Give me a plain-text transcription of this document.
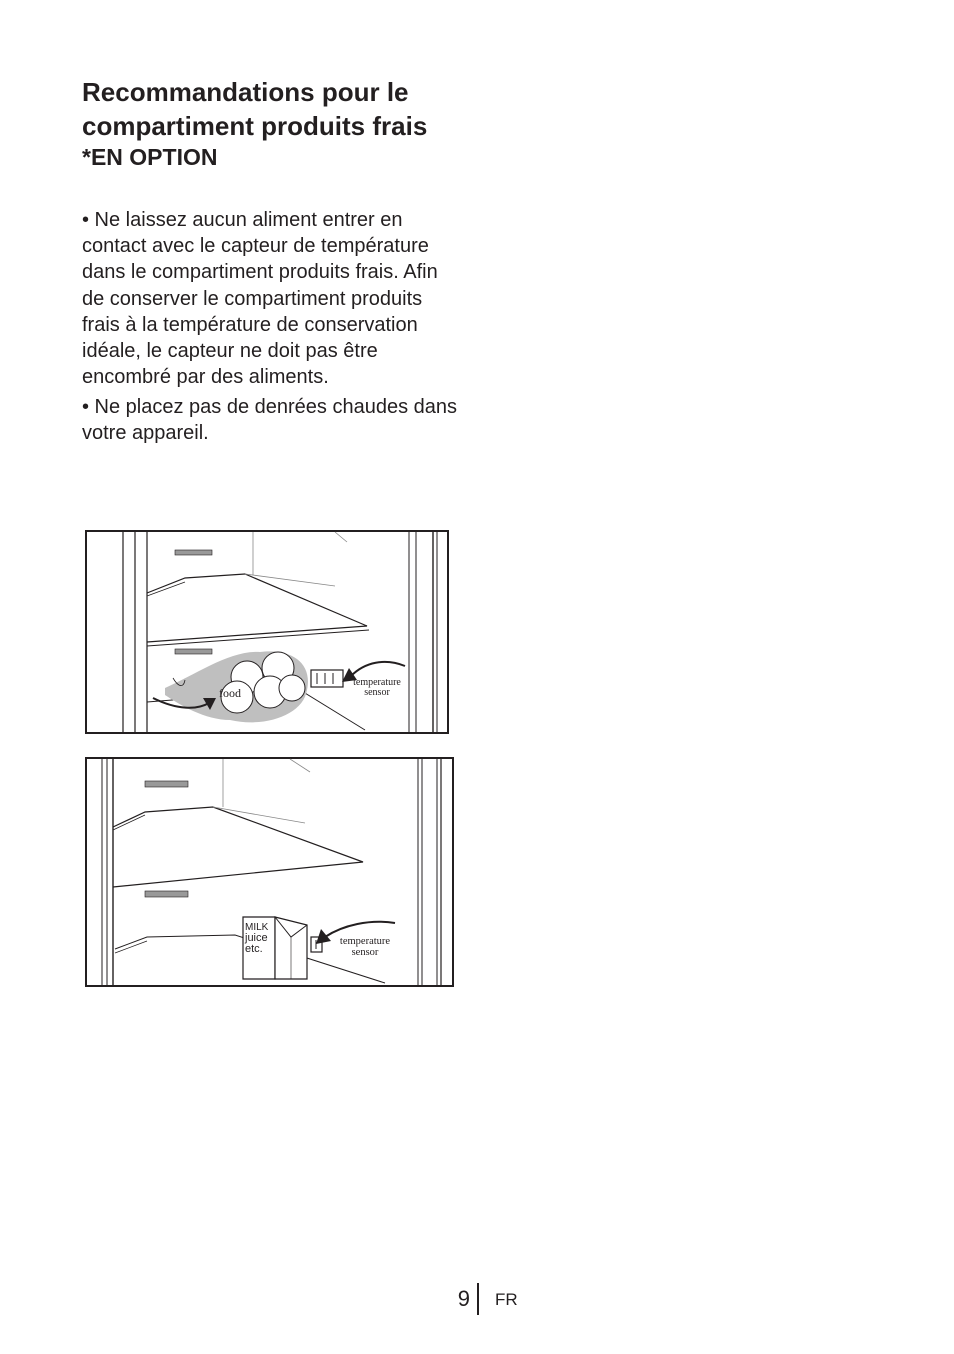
Recommandations pour le
compartiment produits frais
*EN OPTION

• Ne laissez aucun aliment entrer en contact avec le capteur de température dans le compartiment produits frais. Afin de conserver le compartiment produits frais à la température de conservation idéale, le capteur ne doit pas être encombré par des aliments.

• Ne placez pas de denrées chaudes dans votre appareil.

food
temperature
sensor
MILK
juice
etc.
temperature
sensor
9 FR
